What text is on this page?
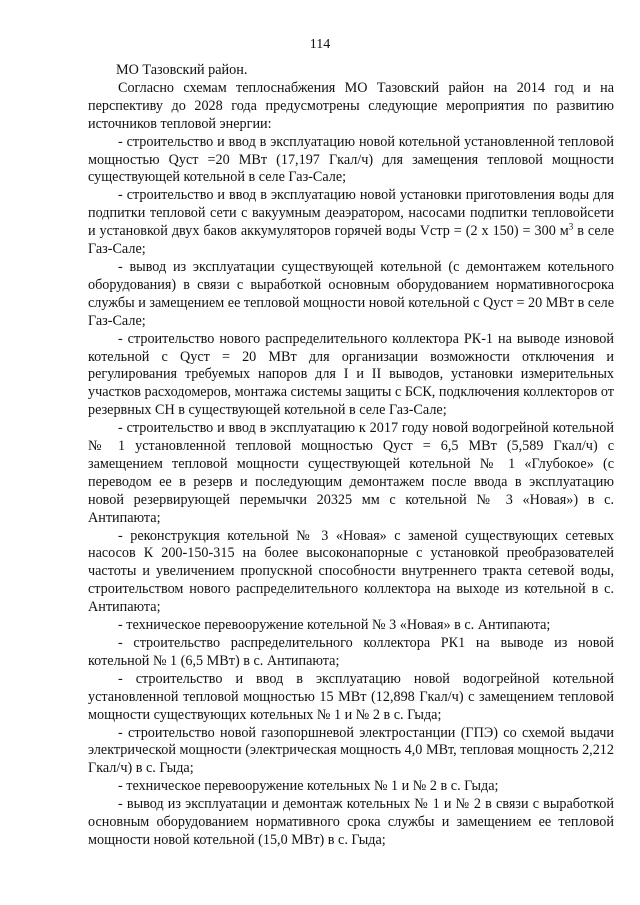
114

МО Тазовский район.

Согласно схемам теплоснабжения МО Тазовский район на 2014 год и на перспективу до 2028 года предусмотрены следующие мероприятия по развитию источников тепловой энергии:

- строительство и ввод в эксплуатацию новой котельной установленной тепловой мощностью Qуст =20 МВт (17,197 Гкал/ч) для замещения тепловой мощности существующей котельной в селе Газ-Сале;

- строительство и ввод в эксплуатацию новой установки приготовления воды для подпитки тепловой сети с вакуумным деаэратором, насосами подпитки тепловойсети и установкой двух баков аккумуляторов горячей воды Vстр = (2 х 150) = 300 $м^3$ в селе Газ-Сале;

- вывод из эксплуатации существующей котельной (с демонтажем котельного оборудования) в связи с выработкой основным оборудованием нормативногосрока службы и замещением ее тепловой мощности новой котельной с Qуст = 20 МВт в селе Газ-Сале;

- строительство нового распределительного коллектора РК-1 на выводе изновой котельной с Qуст = 20 МВт для организации возможности отключения и регулирования требуемых напоров для I и II выводов, установки измерительных участков расходомеров, монтажа системы защиты с БСК, подключения коллекторов от резервных СН в существующей котельной в селе Газ-Сале;

- строительство и ввод в эксплуатацию к 2017 году новой водогрейной котельной № 1 установленной тепловой мощностью Qуст = 6,5 МВт (5,589 Гкал/ч) с замещением тепловой мощности существующей котельной № 1 «Глубокое» (с переводом ее в резерв и последующим демонтажем после ввода в эксплуатацию новой резервирующей перемычки 20325 мм с котельной № 3 «Новая») в с. Антипаюта;

- реконструкция котельной № 3 «Новая» с заменой существующих сетевых насосов К 200-150-315 на более высоконапорные с установкой преобразователей частоты и увеличением пропускной способности внутреннего тракта сетевой воды, строительством нового распределительного коллектора на выходе из котельной в с. Антипаюта;

- техническое перевооружение котельной № 3 «Новая» в с. Антипаюта;

- строительство распределительного коллектора РК1 на выводе из новой котельной № 1 (6,5 МВт) в с. Антипаюта;

- строительство и ввод в эксплуатацию новой водогрейной котельной установленной тепловой мощностью 15 МВт (12,898 Гкал/ч) с замещением тепловой мощности существующих котельных № 1 и № 2 в с. Гыда;

- строительство новой газопоршневой электростанции (ГПЭ) со схемой выдачи электрической мощности (электрическая мощность 4,0 МВт, тепловая мощность 2,212 Гкал/ч) в с. Гыда;

- техническое перевооружение котельных № 1 и № 2 в с. Гыда;

- вывод из эксплуатации и демонтаж котельных № 1 и № 2 в связи с выработкой основным оборудованием нормативного срока службы и замещением ее тепловой мощности новой котельной (15,0 МВт) в с. Гыда;
